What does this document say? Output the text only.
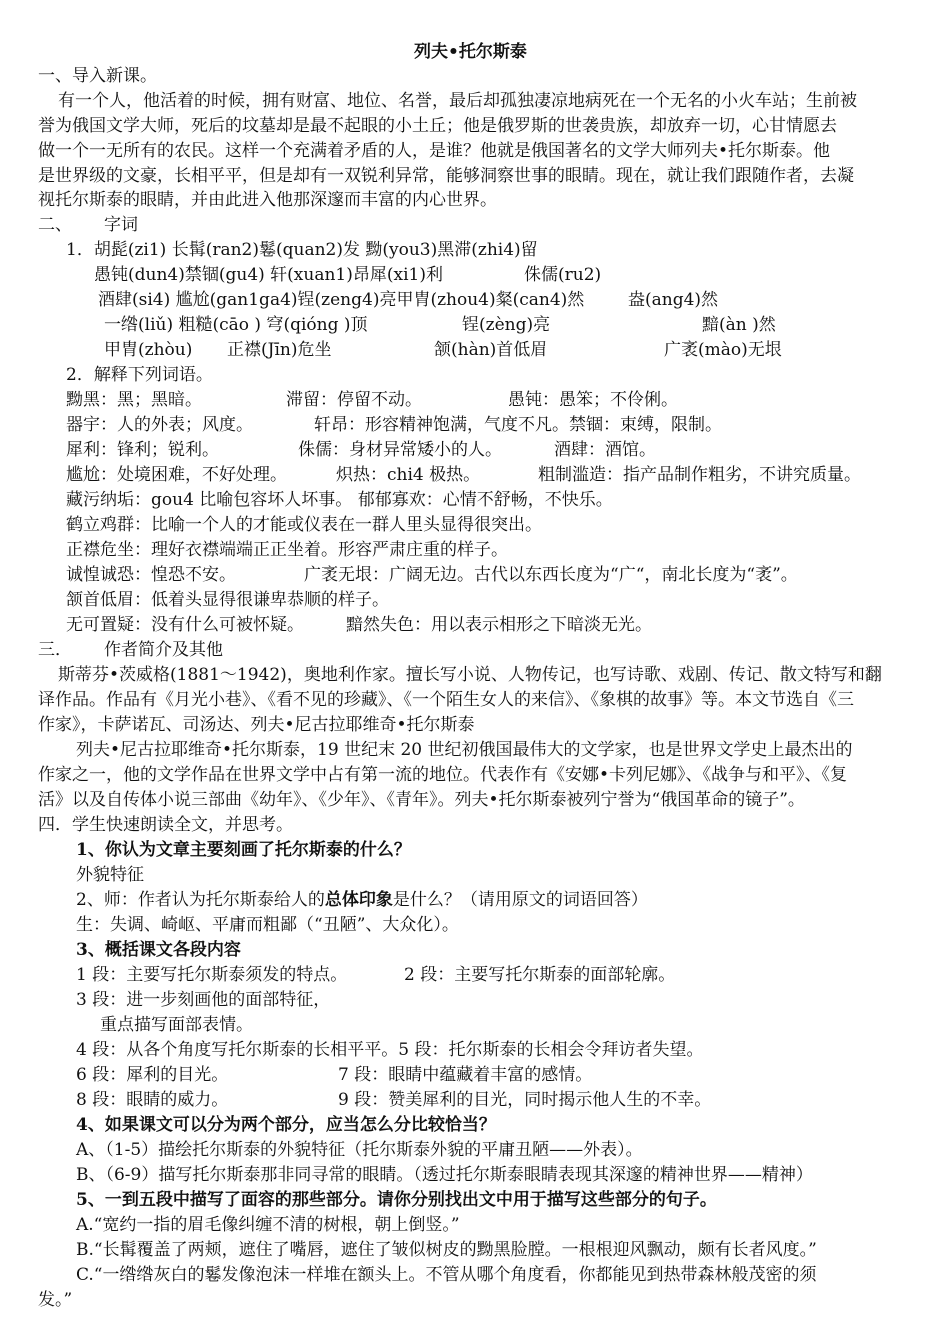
列夫•托尔斯泰
一、导入新课。
有一个人，他活着的时候，拥有财富、地位、名誉，最后却孤独凄凉地病死在一个无名的小火车站；生前被
誉为俄国文学大师，死后的坟墓却是最不起眼的小土丘；他是俄罗斯的世袭贵族，却放弃一切，心甘情愿去
做一个一无所有的农民。这样一个充满着矛盾的人，是谁？他就是俄国著名的文学大师列夫•托尔斯泰。他
是世界级的文豪，长相平平，但是却有一双锐利异常，能够洞察世事的眼睛。现在，就让我们跟随作者，去凝
视托尔斯泰的眼睛，并由此进入他那深邃而丰富的内心世界。
二、 字词
1．胡髭(zi1) 长髯(ran2)鬈(quan2)发 黝(you3)黑滞(zhi4)留
愚钝(dun4)禁锢(gu4) 轩(xuan1)昂犀(xi1)利	侏儒(ru2)
酒肆(si4) 尴尬(gan1ga4)锃(zeng4)亮甲胄(zhou4)粲(can4)然	盎(ang4)然
一绺(liǔ) 粗糙(cāo ) 穹(qióng )顶	锃(zèng)亮	黯(àn )然
甲胄(zhòu) 正襟(Jīn)危坐	颔(hàn)首低眉	广袤(mào)无垠
2．解释下列词语。
黝黑：黑；黑暗。	滞留：停留不动。	愚钝：愚笨；不伶俐。
器宇：人的外表；风度。	轩昂：形容精神饱满，气度不凡。禁锢：束缚，限制。
犀利：锋利；锐利。	侏儒：身材异常矮小的人。	酒肆：酒馆。
尴尬：处境困难，不好处理。	炽热：chi4 极热。	粗制滥造：指产品制作粗劣，不讲究质量。
藏污纳垢：gou4 比喻包容坏人坏事。 郁郁寡欢：心情不舒畅，不快乐。
鹤立鸡群：比喻一个人的才能或仪表在一群人里头显得很突出。
正襟危坐：理好衣襟端端正正坐着。形容严肃庄重的样子。
诚惶诚恐：惶恐不安。	广袤无垠：广阔无边。古代以东西长度为“广“，南北长度为“袤”。
颔首低眉：低着头显得很谦卑恭顺的样子。
无可置疑：没有什么可被怀疑。 黯然失色：用以表示相形之下暗淡无光。
三． 作者简介及其他
斯蒂芬•茨威格(1881～1942)，奥地利作家。擅长写小说、人物传记，也写诗歌、戏剧、传记、散文特写和翻
译作品。作品有《月光小巷》、《看不见的珍藏》、《一个陌生女人的来信》、《象棋的故事》等。本文节选自《三
作家》，卡萨诺瓦、司汤达、列夫•尼古拉耶维奇•托尔斯泰
列夫•尼古拉耶维奇•托尔斯泰，19 世纪末 20 世纪初俄国最伟大的文学家，也是世界文学史上最杰出的
作家之一，他的文学作品在世界文学中占有第一流的地位。代表作有《安娜•卡列尼娜》、《战争与和平》、《复
活》以及自传体小说三部曲《幼年》、《少年》、《青年》。列夫•托尔斯泰被列宁誉为“俄国革命的镜子”。
四．学生快速朗读全文，并思考。
1、你认为文章主要刻画了托尔斯泰的什么？
外貌特征
2、师：作者认为托尔斯泰给人的总体印象是什么？（请用原文的词语回答）
生：失调、崎岖、平庸而粗鄙（“丑陋”、大众化）。
3、概括课文各段内容
1 段：主要写托尔斯泰须发的特点。	2 段：主要写托尔斯泰的面部轮廓。
3 段：进一步刻画他的面部特征，
重点描写面部表情。
4 段：从各个角度写托尔斯泰的长相平平。5 段：托尔斯泰的长相会令拜访者失望。
6 段：犀利的目光。	7 段：眼睛中蕴藏着丰富的感情。
8 段：眼睛的威力。	9 段：赞美犀利的目光，同时揭示他人生的不幸。
4、如果课文可以分为两个部分，应当怎么分比较恰当？
A、（1-5）描绘托尔斯泰的外貌特征（托尔斯泰外貌的平庸丑陋——外表）。
B、（6-9）描写托尔斯泰那非同寻常的眼睛。（透过托尔斯泰眼睛表现其深邃的精神世界——精神）
5、一到五段中描写了面容的那些部分。请你分别找出文中用于描写这些部分的句子。
A.“宽约一指的眉毛像纠缠不清的树根，朝上倒竖。”
B.“长髯覆盖了两颊，遮住了嘴唇，遮住了皱似树皮的黝黑脸膛。一根根迎风飘动，颇有长者风度。”
C.“一绺绺灰白的鬈发像泡沫一样堆在额头上。不管从哪个角度看，你都能见到热带森林般茂密的须
发。”
